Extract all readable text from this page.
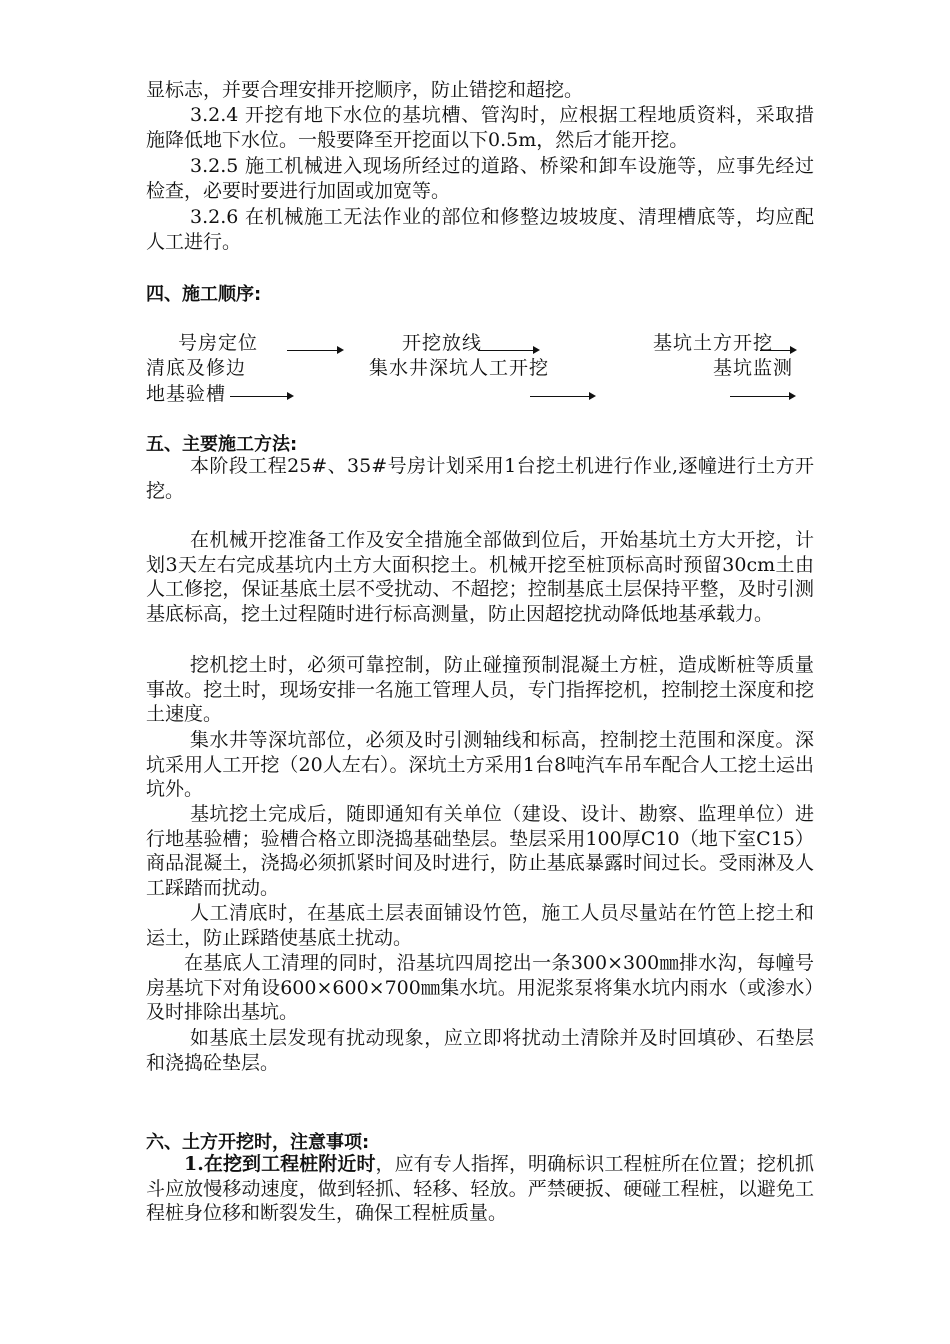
显标志，并要合理安排开挖顺序，防止错挖和超挖。

3.2.4 开挖有地下水位的基坑槽、管沟时，应根据工程地质资料，采取措施降低地下水位。一般要降至开挖面以下0.5m，然后才能开挖。

3.2.5 施工机械进入现场所经过的道路、桥梁和卸车设施等，应事先经过检查，必要时要进行加固或加宽等。

3.2.6 在机械施工无法作业的部位和修整边坡坡度、清理槽底等，均应配人工进行。

四、施工顺序:
号房定位	开挖放线	基坑土方开挖
清底及修边	集水井深坑人工开挖	基坑监测
地基验槽
五、主要施工方法:

本阶段工程25#、35#号房计划采用1台挖土机进行作业,逐幢进行土方开挖。

在机械开挖准备工作及安全措施全部做到位后，开始基坑土方大开挖，计划3天左右完成基坑内土方大面积挖土。机械开挖至桩顶标高时预留30cm土由人工修挖，保证基底土层不受扰动、不超挖；控制基底土层保持平整，及时引测基底标高，挖土过程随时进行标高测量，防止因超挖扰动降低地基承载力。

挖机挖土时，必须可靠控制，防止碰撞预制混凝土方桩，造成断桩等质量事故。挖土时，现场安排一名施工管理人员，专门指挥挖机，控制挖土深度和挖土速度。

集水井等深坑部位，必须及时引测轴线和标高，控制挖土范围和深度。深坑采用人工开挖（20人左右）。深坑土方采用1台8吨汽车吊车配合人工挖土运出坑外。

基坑挖土完成后，随即通知有关单位（建设、设计、勘察、监理单位）进行地基验槽；验槽合格立即浇捣基础垫层。垫层采用100厚C10（地下室C15）商品混凝土，浇捣必须抓紧时间及时进行，防止基底暴露时间过长。受雨淋及人工踩踏而扰动。

人工清底时，在基底土层表面铺设竹笆，施工人员尽量站在竹笆上挖土和运土，防止踩踏使基底土扰动。

在基底人工清理的同时，沿基坑四周挖出一条300×300㎜排水沟，每幢号房基坑下对角设600×600×700㎜集水坑。用泥浆泵将集水坑内雨水（或渗水）及时排除出基坑。

如基底土层发现有扰动现象，应立即将扰动土清除并及时回填砂、石垫层和浇捣砼垫层。

六、土方开挖时，注意事项:

1.在挖到工程桩附近时，应有专人指挥，明确标识工程桩所在位置；挖机抓斗应放慢移动速度，做到轻抓、轻移、轻放。严禁硬扳、硬碰工程桩，以避免工程桩身位移和断裂发生，确保工程桩质量。
